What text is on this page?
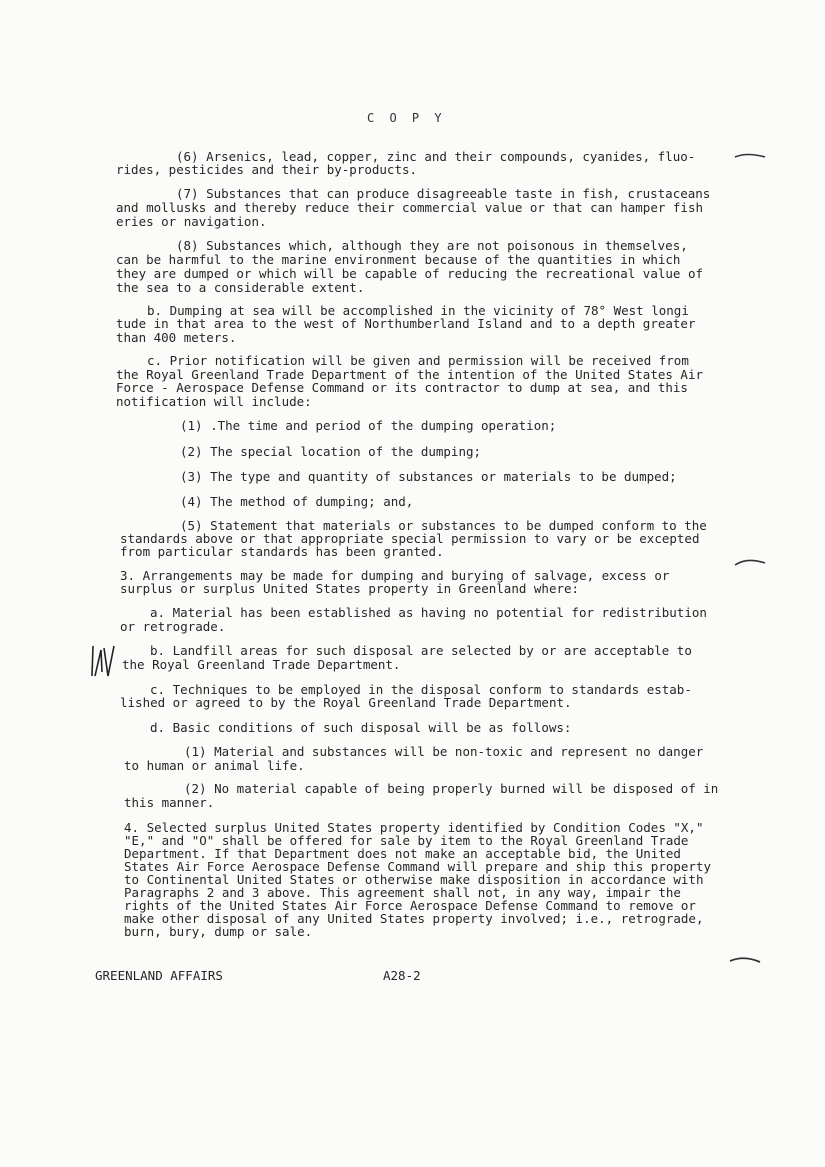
C O P Y
(6) Arsenics, lead, copper, zinc and their compounds, cyanides, fluo-
rides, pesticides and their by-products.
(7) Substances that can produce disagreeable taste in fish, crustaceans
and mollusks and thereby reduce their commercial value or that can hamper fish
eries or navigation.
(8) Substances which, although they are not poisonous in themselves,
can be harmful to the marine environment because of the quantities in which
they are dumped or which will be capable of reducing the recreational value of
the sea to a considerable extent.
b. Dumping at sea will be accomplished in the vicinity of 78° West longi
tude in that area to the west of Northumberland Island and to a depth greater
than 400 meters.
c. Prior notification will be given and permission will be received from
the Royal Greenland Trade Department of the intention of the United States Air
Force - Aerospace Defense Command or its contractor to dump at sea, and this
notification will include:
(1) .The time and period of the dumping operation;
(2) The special location of the dumping;
(3) The type and quantity of substances or materials to be dumped;
(4) The method of dumping; and,
(5) Statement that materials or substances to be dumped conform to the
standards above or that appropriate special permission to vary or be excepted
from particular standards has been granted.
3. Arrangements may be made for dumping and burying of salvage, excess or
surplus or surplus United States property in Greenland where:
a. Material has been established as having no potential for redistribution
or retrograde.
b. Landfill areas for such disposal are selected by or are acceptable to
the Royal Greenland Trade Department.
c. Techniques to be employed in the disposal conform to standards estab-
lished or agreed to by the Royal Greenland Trade Department.
d. Basic conditions of such disposal will be as follows:
(1) Material and substances will be non-toxic and represent no danger
to human or animal life.
(2) No material capable of being properly burned will be disposed of in
this manner.
4. Selected surplus United States property identified by Condition Codes "X,"
"E," and "O" shall be offered for sale by item to the Royal Greenland Trade
Department. If that Department does not make an acceptable bid, the United
States Air Force Aerospace Defense Command will prepare and ship this property
to Continental United States or otherwise make disposition in accordance with
Paragraphs 2 and 3 above. This agreement shall not, in any way, impair the
rights of the United States Air Force Aerospace Defense Command to remove or
make other disposal of any United States property involved; i.e., retrograde,
burn, bury, dump or sale.
GREENLAND AFFAIRS	A28-2
